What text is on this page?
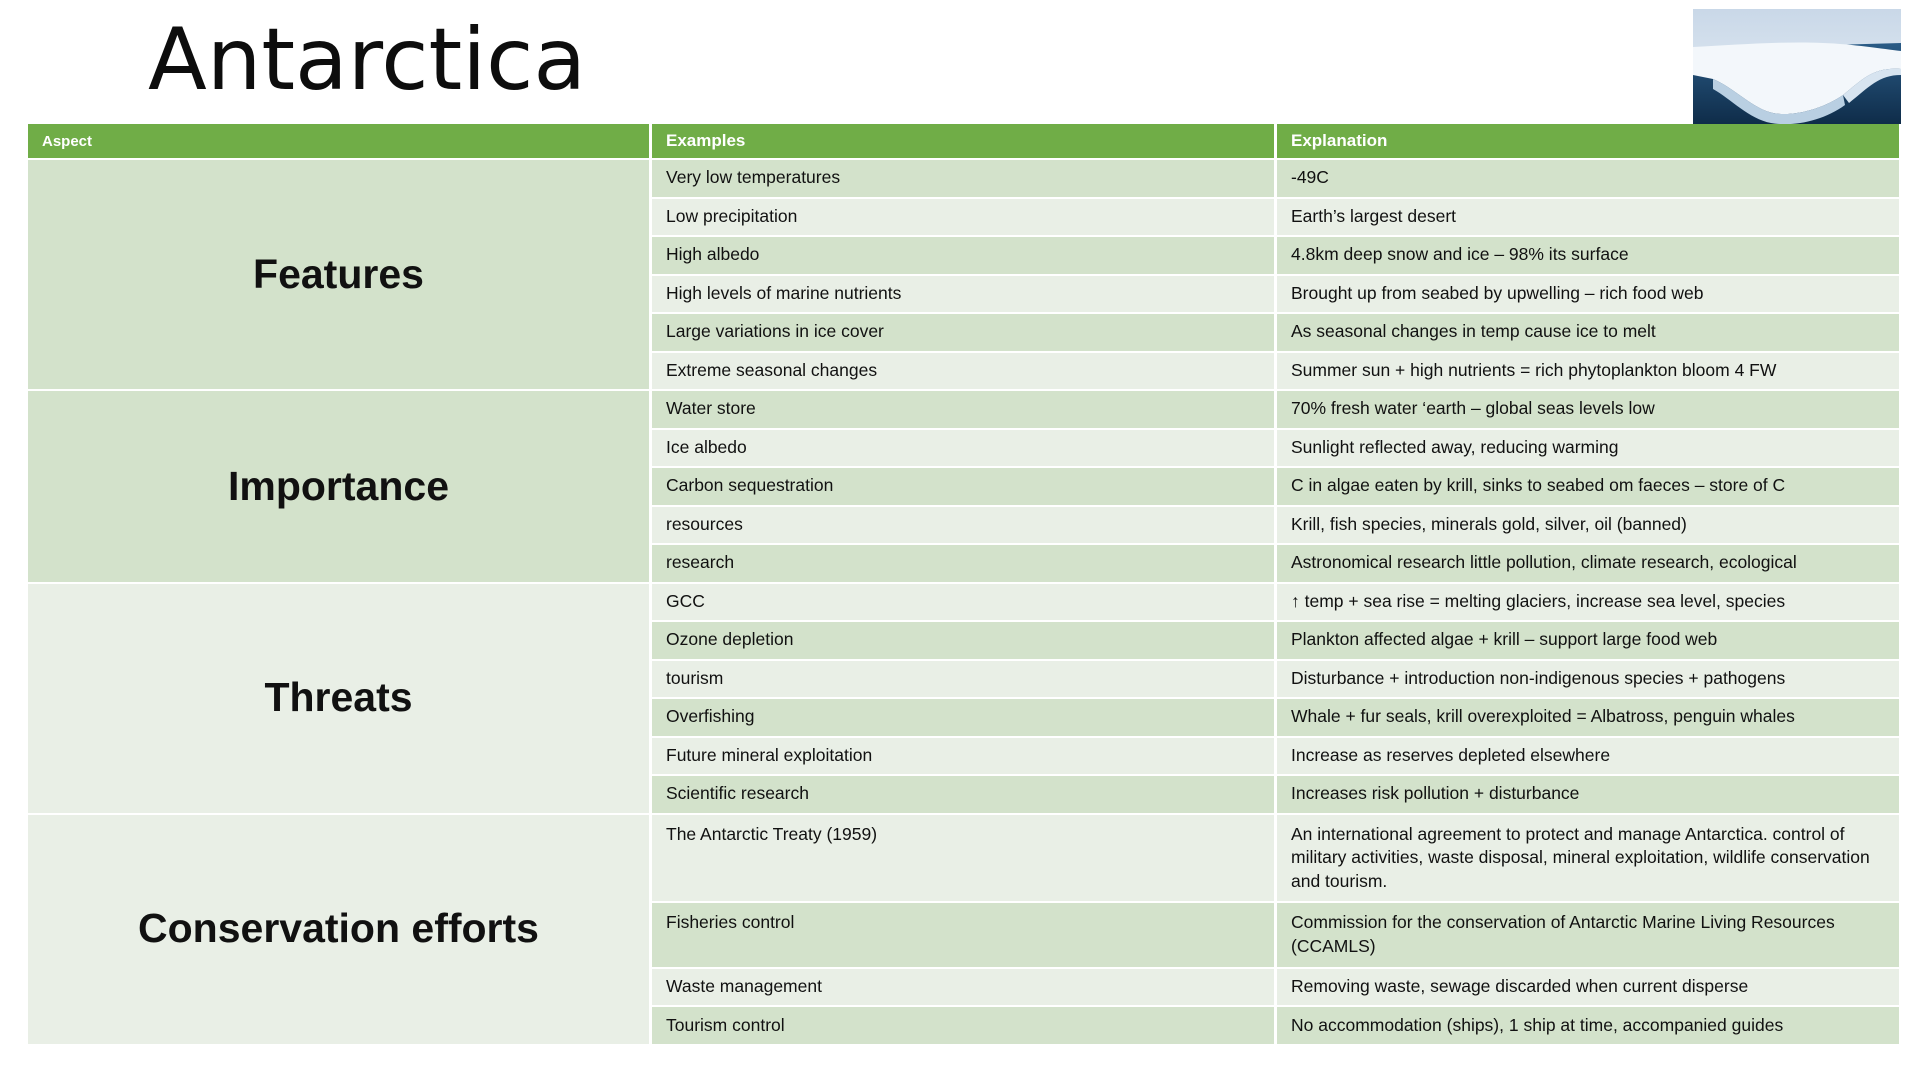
Antarctica
Aspect	Examples	Explanation
Features	Very low temperatures	-49C
	Low precipitation	Earth’s largest desert
	High albedo	4.8km deep snow and ice – 98% its surface
	High levels of marine nutrients	Brought up from seabed by upwelling – rich food web
	Large variations in ice cover	As seasonal changes in temp cause ice to melt
	Extreme seasonal changes	Summer sun + high nutrients = rich phytoplankton bloom 4 FW
Importance	Water store	70% fresh water ‘earth – global seas levels low
	Ice albedo	Sunlight reflected away, reducing warming
	Carbon sequestration	C in algae eaten by krill, sinks to seabed om faeces – store of C
	resources	Krill, fish species, minerals gold, silver, oil (banned)
	research	Astronomical research little pollution, climate research, ecological
Threats	GCC	↑ temp + sea rise = melting glaciers, increase sea level, species
	Ozone depletion	Plankton affected algae + krill – support large food web
	tourism	Disturbance + introduction non-indigenous species + pathogens
	Overfishing	Whale + fur seals, krill overexploited = Albatross, penguin whales
	Future mineral exploitation	Increase as reserves depleted elsewhere
	Scientific research	Increases risk pollution + disturbance
Conservation efforts	The Antarctic Treaty (1959)	An international agreement to protect and manage Antarctica. control of military activities, waste disposal, mineral exploitation, wildlife conservation and tourism.
	Fisheries control	Commission for the conservation of Antarctic Marine Living Resources (CCAMLS)
	Waste management	Removing waste, sewage discarded when current disperse
	Tourism control	No accommodation (ships), 1 ship at time, accompanied guides
